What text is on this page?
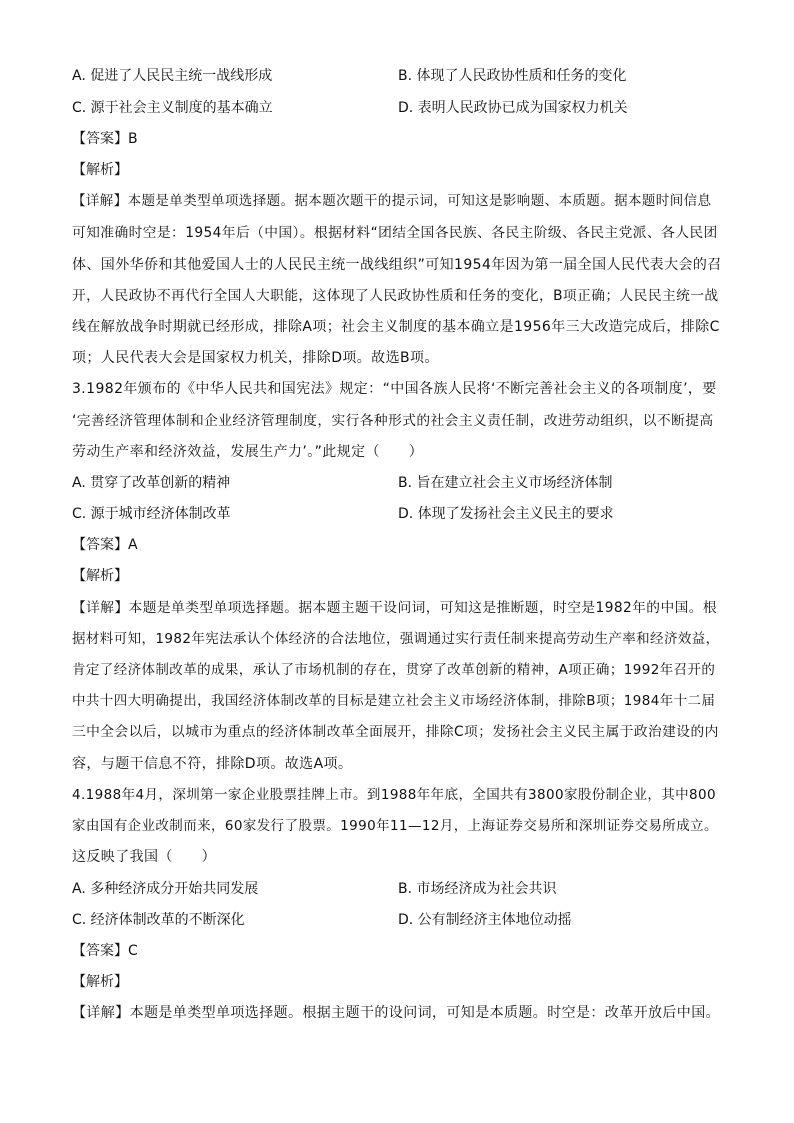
A. 促进了人民民主统一战线形成	B. 体现了人民政协性质和任务的变化
C. 源于社会主义制度的基本确立	D. 表明人民政协已成为国家权力机关
【答案】B
【解析】
【详解】本题是单类型单项选择题。据本题次题干的提示词，可知这是影响题、本质题。据本题时间信息
可知准确时空是：1954年后（中国）。根据材料“团结全国各民族、各民主阶级、各民主党派、各人民团
体、国外华侨和其他爱国人士的人民民主统一战线组织”可知1954年因为第一届全国人民代表大会的召
开，人民政协不再代行全国人大职能，这体现了人民政协性质和任务的变化，B项正确；人民民主统一战
线在解放战争时期就已经形成，排除A项；社会主义制度的基本确立是1956年三大改造完成后，排除C
项；人民代表大会是国家权力机关，排除D项。故选B项。
3.1982年颁布的《中华人民共和国宪法》规定：“中国各族人民将‘不断完善社会主义的各项制度’，要
‘完善经济管理体制和企业经济管理制度，实行各种形式的社会主义责任制，改进劳动组织，以不断提高
劳动生产率和经济效益，发展生产力’。”此规定（　　）
A. 贯穿了改革创新的精神	B. 旨在建立社会主义市场经济体制
C. 源于城市经济体制改革	D. 体现了发扬社会主义民主的要求
【答案】A
【解析】
【详解】本题是单类型单项选择题。据本题主题干设问词，可知这是推断题，时空是1982年的中国。根
据材料可知，1982年宪法承认个体经济的合法地位，强调通过实行责任制来提高劳动生产率和经济效益，
肯定了经济体制改革的成果，承认了市场机制的存在，贯穿了改革创新的精神，A项正确；1992年召开的
中共十四大明确提出，我国经济体制改革的目标是建立社会主义市场经济体制，排除B项；1984年十二届
三中全会以后，以城市为重点的经济体制改革全面展开，排除C项；发扬社会主义民主属于政治建设的内
容，与题干信息不符，排除D项。故选A项。
4.1988年4月，深圳第一家企业股票挂牌上市。到1988年年底，全国共有3800家股份制企业，其中800
家由国有企业改制而来，60家发行了股票。1990年11—12月，上海证券交易所和深圳证券交易所成立。
这反映了我国（　　）
A. 多种经济成分开始共同发展	B. 市场经济成为社会共识
C. 经济体制改革的不断深化	D. 公有制经济主体地位动摇
【答案】C
【解析】
【详解】本题是单类型单项选择题。根据主题干的设问词，可知是本质题。时空是：改革开放后中国。
